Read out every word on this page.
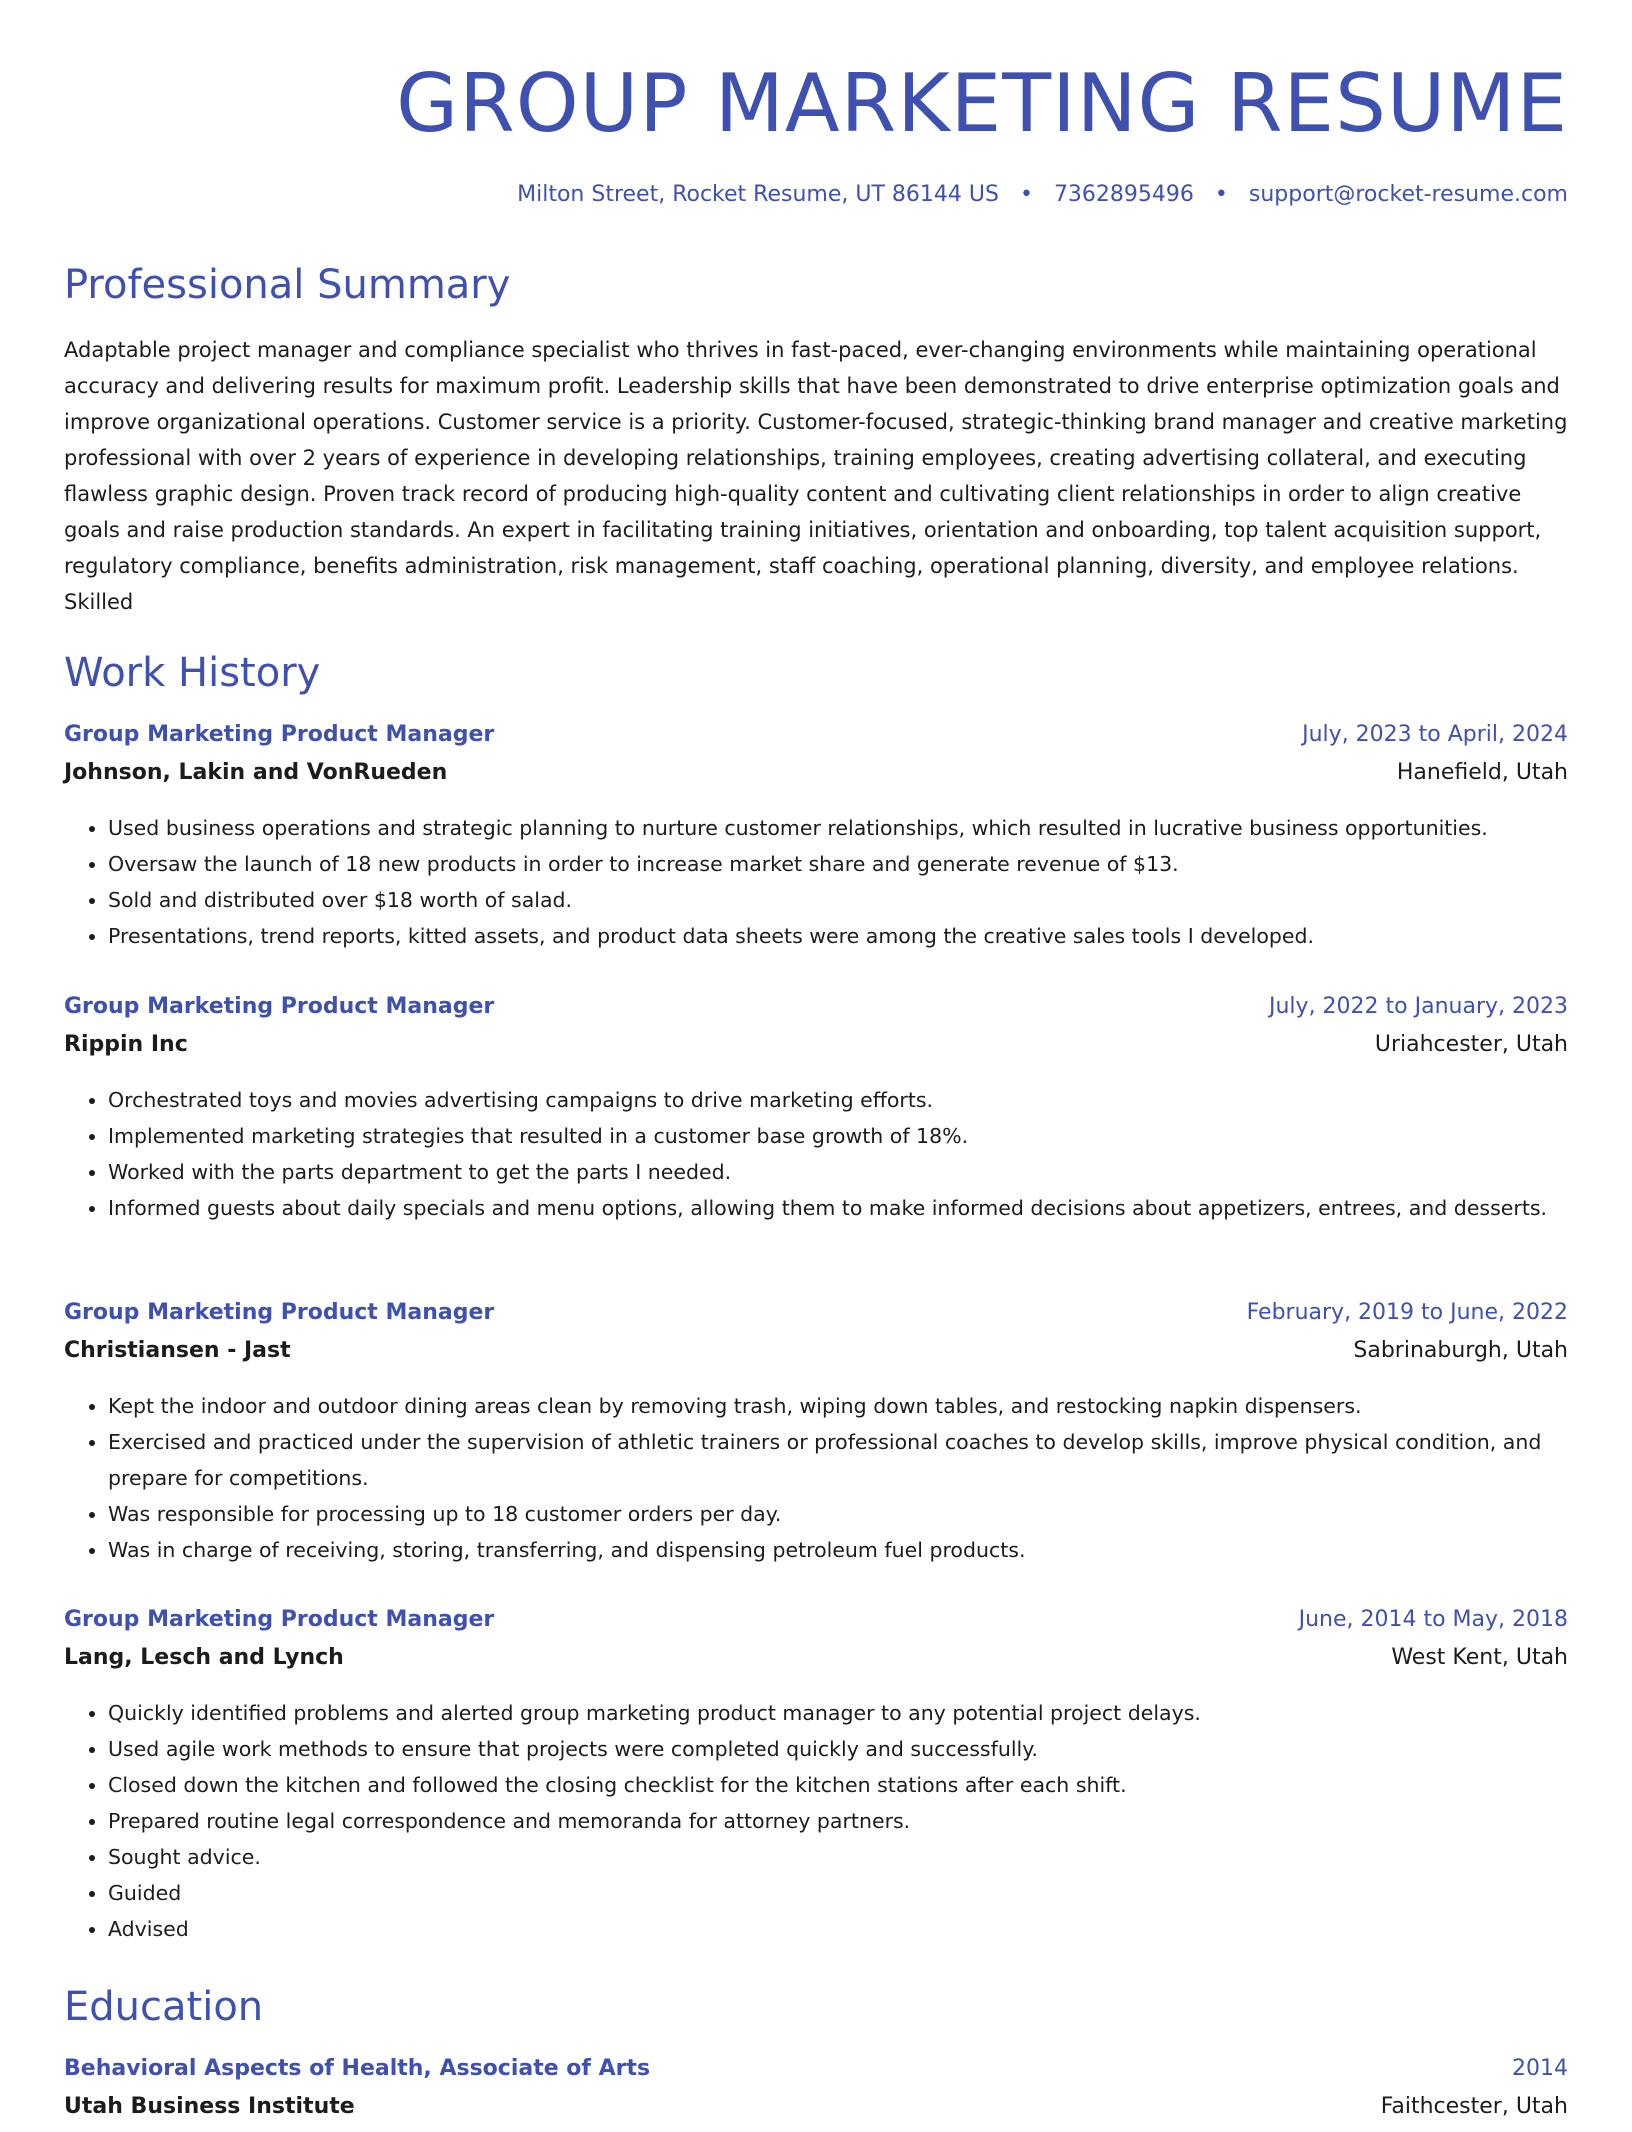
GROUP MARKETING RESUME
Milton Street, Rocket Resume, UT 86144 US • 7362895496 • support@rocket-resume.com
Professional Summary

Adaptable project manager and compliance specialist who thrives in fast-paced, ever-changing environments while maintaining operational accuracy and delivering results for maximum profit. Leadership skills that have been demonstrated to drive enterprise optimization goals and improve organizational operations. Customer service is a priority. Customer-focused, strategic-thinking brand manager and creative marketing professional with over 2 years of experience in developing relationships, training employees, creating advertising collateral, and executing flawless graphic design. Proven track record of producing high-quality content and cultivating client relationships in order to align creative goals and raise production standards. An expert in facilitating training initiatives, orientation and onboarding, top talent acquisition support, regulatory compliance, benefits administration, risk management, staff coaching, operational planning, diversity, and employee relations. Skilled

Work History
Group Marketing Product Manager	July, 2023 to April, 2024
Johnson, Lakin and VonRueden	Hanefield, Utah
• Used business operations and strategic planning to nurture customer relationships, which resulted in lucrative business opportunities.
• Oversaw the launch of 18 new products in order to increase market share and generate revenue of $13.
• Sold and distributed over $18 worth of salad.
• Presentations, trend reports, kitted assets, and product data sheets were among the creative sales tools I developed.
Group Marketing Product Manager	July, 2022 to January, 2023
Rippin Inc	Uriahcester, Utah
• Orchestrated toys and movies advertising campaigns to drive marketing efforts.
• Implemented marketing strategies that resulted in a customer base growth of 18%.
• Worked with the parts department to get the parts I needed.
• Informed guests about daily specials and menu options, allowing them to make informed decisions about appetizers, entrees, and desserts.
Group Marketing Product Manager	February, 2019 to June, 2022
Christiansen - Jast	Sabrinaburgh, Utah
• Kept the indoor and outdoor dining areas clean by removing trash, wiping down tables, and restocking napkin dispensers.
• Exercised and practiced under the supervision of athletic trainers or professional coaches to develop skills, improve physical condition, and prepare for competitions.
• Was responsible for processing up to 18 customer orders per day.
• Was in charge of receiving, storing, transferring, and dispensing petroleum fuel products.
Group Marketing Product Manager	June, 2014 to May, 2018
Lang, Lesch and Lynch	West Kent, Utah
• Quickly identified problems and alerted group marketing product manager to any potential project delays.
• Used agile work methods to ensure that projects were completed quickly and successfully.
• Closed down the kitchen and followed the closing checklist for the kitchen stations after each shift.
• Prepared routine legal correspondence and memoranda for attorney partners.
• Sought advice.
• Guided
• Advised
Education
Behavioral Aspects of Health, Associate of Arts	2014
Utah Business Institute	Faithcester, Utah
